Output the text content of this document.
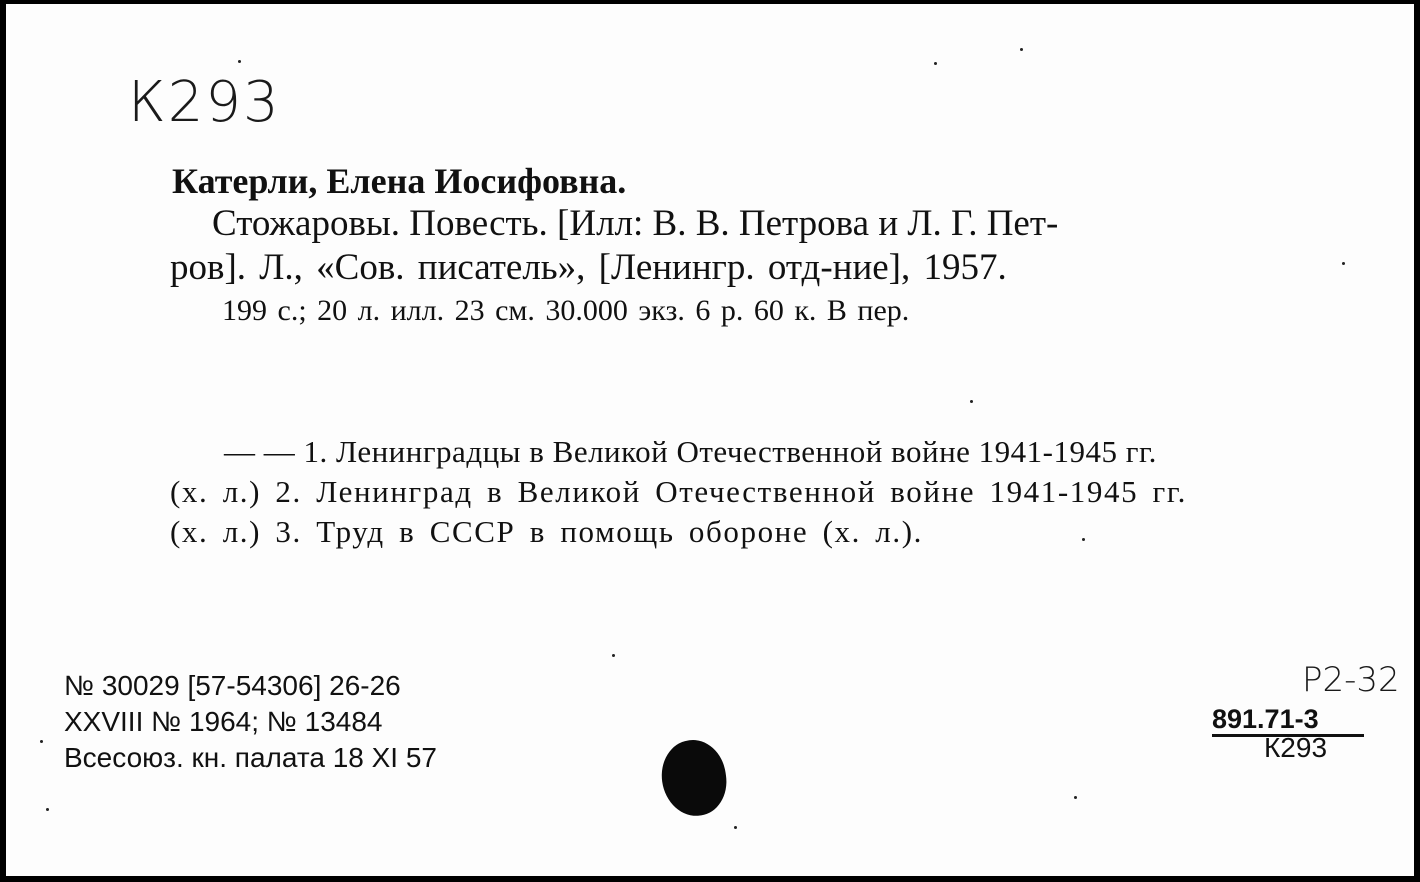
К293
Катерли, Елена Иосифовна.
Стожаровы. Повесть. [Илл: В. В. Петрова и Л. Г. Пет-
ров]. Л., «Сов. писатель», [Ленингр. отд-ние], 1957.
199 с.; 20 л. илл. 23 см. 30.000 экз. 6 р. 60 к. В пер.
— — 1. Ленинградцы в Великой Отечественной войне 1941-1945 гг.
(х. л.) 2. Ленинград в Великой Отечественной войне 1941-1945 гг.
(х. л.) 3. Труд в СССР в помощь обороне (х. л.).
№ 30029 [57-54306] 26-26
XXVIII № 1964; № 13484
Всесоюз. кн. палата 18 XI 57
Р2-32
891.71-3
К293
